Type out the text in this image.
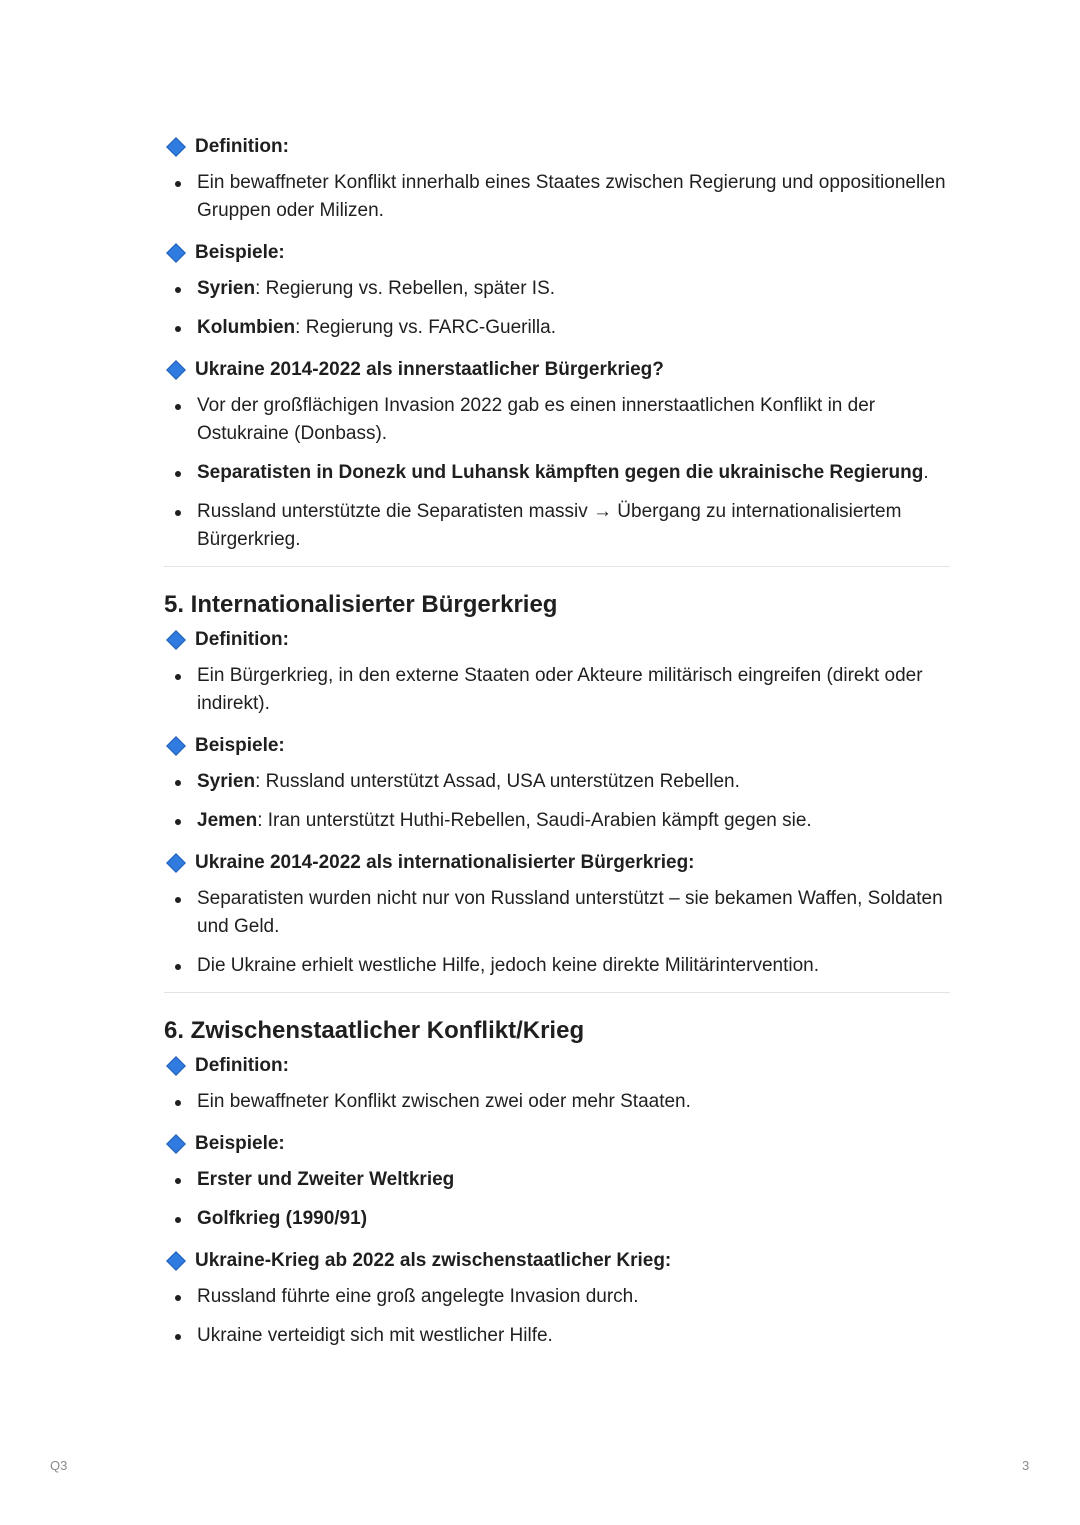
Definition:
Ein bewaffneter Konflikt innerhalb eines Staates zwischen Regierung und oppositionellen Gruppen oder Milizen.
Beispiele:
Syrien: Regierung vs. Rebellen, später IS.
Kolumbien: Regierung vs. FARC-Guerilla.
Ukraine 2014-2022 als innerstaatlicher Bürgerkrieg?
Vor der großflächigen Invasion 2022 gab es einen innerstaatlichen Konflikt in der Ostukraine (Donbass).
Separatisten in Donezk und Luhansk kämpften gegen die ukrainische Regierung.
Russland unterstützte die Separatisten massiv → Übergang zu internationalisiertem Bürgerkrieg.
5. Internationalisierter Bürgerkrieg
Definition:
Ein Bürgerkrieg, in den externe Staaten oder Akteure militärisch eingreifen (direkt oder indirekt).
Beispiele:
Syrien: Russland unterstützt Assad, USA unterstützen Rebellen.
Jemen: Iran unterstützt Huthi-Rebellen, Saudi-Arabien kämpft gegen sie.
Ukraine 2014-2022 als internationalisierter Bürgerkrieg:
Separatisten wurden nicht nur von Russland unterstützt – sie bekamen Waffen, Soldaten und Geld.
Die Ukraine erhielt westliche Hilfe, jedoch keine direkte Militärintervention.
6. Zwischenstaatlicher Konflikt/Krieg
Definition:
Ein bewaffneter Konflikt zwischen zwei oder mehr Staaten.
Beispiele:
Erster und Zweiter Weltkrieg
Golfkrieg (1990/91)
Ukraine-Krieg ab 2022 als zwischenstaatlicher Krieg:
Russland führte eine groß angelegte Invasion durch.
Ukraine verteidigt sich mit westlicher Hilfe.
Q3	3
